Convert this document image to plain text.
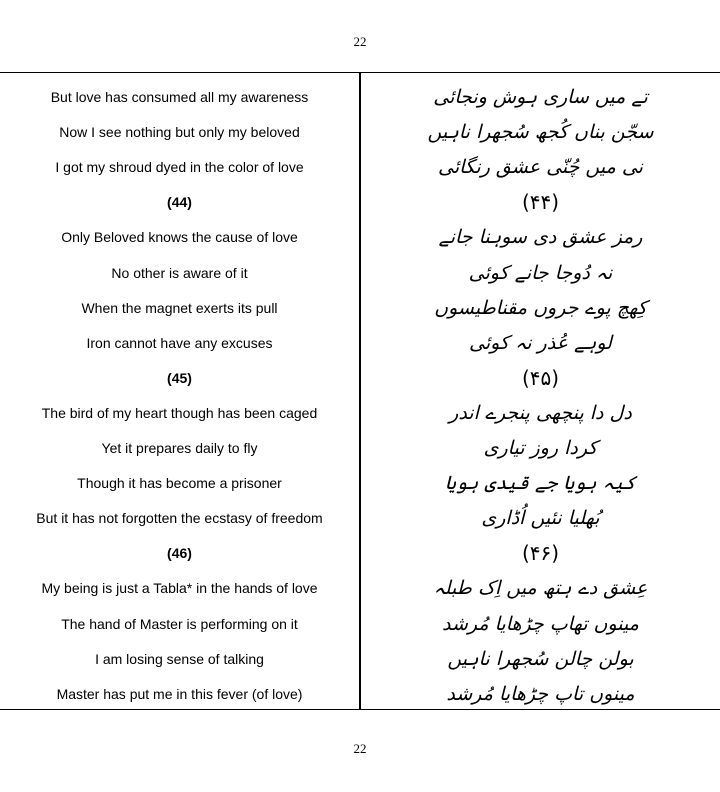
22
But love has consumed all my awareness	تے میں ساری ہوش ونجائی
Now I see nothing but only my beloved	سجّن بناں کُجھ سُجھرا ناہیں
I got my shroud dyed in the color of love	نی میں چُنّی عشق رنگائی
(44)	(۴۴)
Only Beloved knows the cause of love	رمز عشق دی سوہنا جانے
No other is aware of it	نہ دُوجا جانے کوئی
When the magnet exerts its pull	کِھچ پوے جروں مقناطیسوں
Iron cannot have any excuses	لوہے عُذر نہ کوئی
(45)	(۴۵)
The bird of my heart though has been caged	دل دا پنچھی پنجرے اندر
Yet it prepares daily to fly	کردا روز تیاری
Though it has become a prisoner	کیہ ہویا جے قیدی ہویا
But it has not forgotten the ecstasy of freedom	بُھلیا نئیں اُڈاری
(46)	(۴۶)
My being is just a Tabla* in the hands of love	عِشق دے ہتھ میں اِک طبلہ
The hand of Master is performing on it	مینوں تھاپ چڑھایا مُرشد
I am losing sense of talking	بولن چالن سُجھرا ناہیں
Master has put me in this fever (of love)	مینوں تاپ چڑھایا مُرشد
22
